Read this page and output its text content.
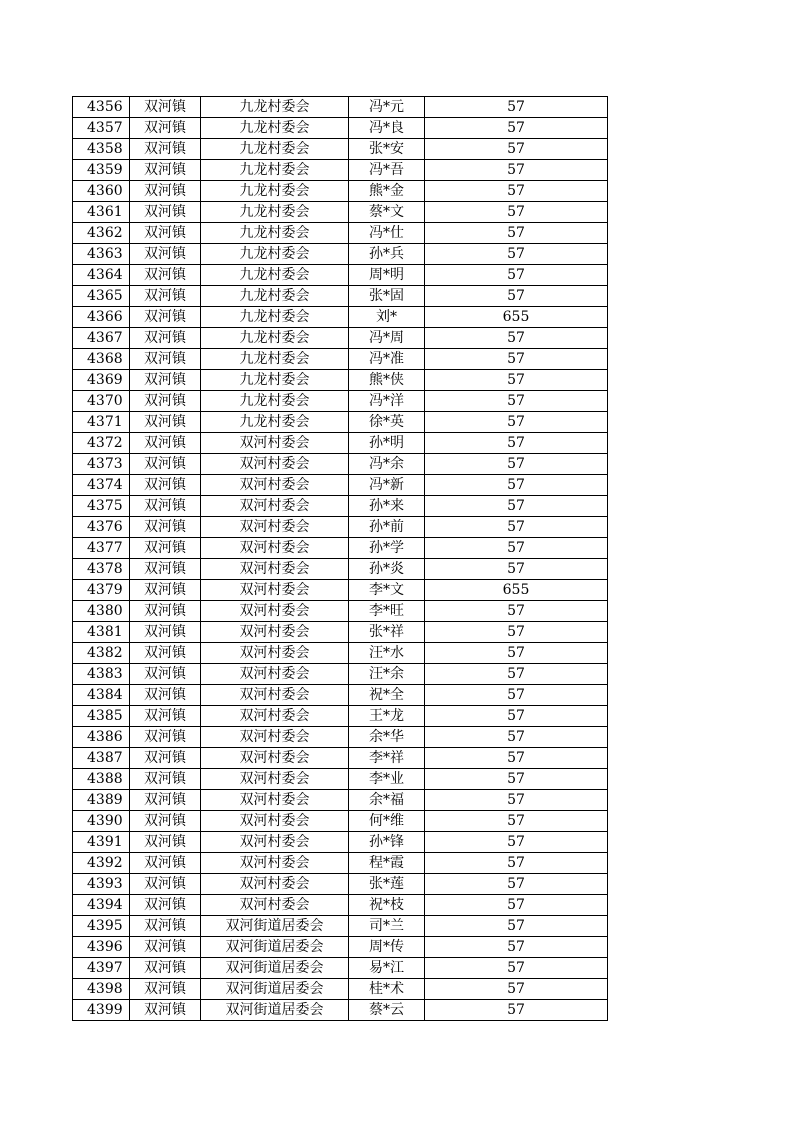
4356	双河镇	九龙村委会	冯*元	57
4357	双河镇	九龙村委会	冯*良	57
4358	双河镇	九龙村委会	张*安	57
4359	双河镇	九龙村委会	冯*吾	57
4360	双河镇	九龙村委会	熊*金	57
4361	双河镇	九龙村委会	蔡*文	57
4362	双河镇	九龙村委会	冯*仕	57
4363	双河镇	九龙村委会	孙*兵	57
4364	双河镇	九龙村委会	周*明	57
4365	双河镇	九龙村委会	张*固	57
4366	双河镇	九龙村委会	刘*	655
4367	双河镇	九龙村委会	冯*周	57
4368	双河镇	九龙村委会	冯*准	57
4369	双河镇	九龙村委会	熊*侠	57
4370	双河镇	九龙村委会	冯*洋	57
4371	双河镇	九龙村委会	徐*英	57
4372	双河镇	双河村委会	孙*明	57
4373	双河镇	双河村委会	冯*余	57
4374	双河镇	双河村委会	冯*新	57
4375	双河镇	双河村委会	孙*来	57
4376	双河镇	双河村委会	孙*前	57
4377	双河镇	双河村委会	孙*学	57
4378	双河镇	双河村委会	孙*炎	57
4379	双河镇	双河村委会	李*文	655
4380	双河镇	双河村委会	李*旺	57
4381	双河镇	双河村委会	张*祥	57
4382	双河镇	双河村委会	汪*水	57
4383	双河镇	双河村委会	汪*余	57
4384	双河镇	双河村委会	祝*全	57
4385	双河镇	双河村委会	王*龙	57
4386	双河镇	双河村委会	余*华	57
4387	双河镇	双河村委会	李*祥	57
4388	双河镇	双河村委会	李*业	57
4389	双河镇	双河村委会	余*福	57
4390	双河镇	双河村委会	何*维	57
4391	双河镇	双河村委会	孙*锋	57
4392	双河镇	双河村委会	程*霞	57
4393	双河镇	双河村委会	张*莲	57
4394	双河镇	双河村委会	祝*枝	57
4395	双河镇	双河街道居委会	司*兰	57
4396	双河镇	双河街道居委会	周*传	57
4397	双河镇	双河街道居委会	易*江	57
4398	双河镇	双河街道居委会	桂*术	57
4399	双河镇	双河街道居委会	蔡*云	57
